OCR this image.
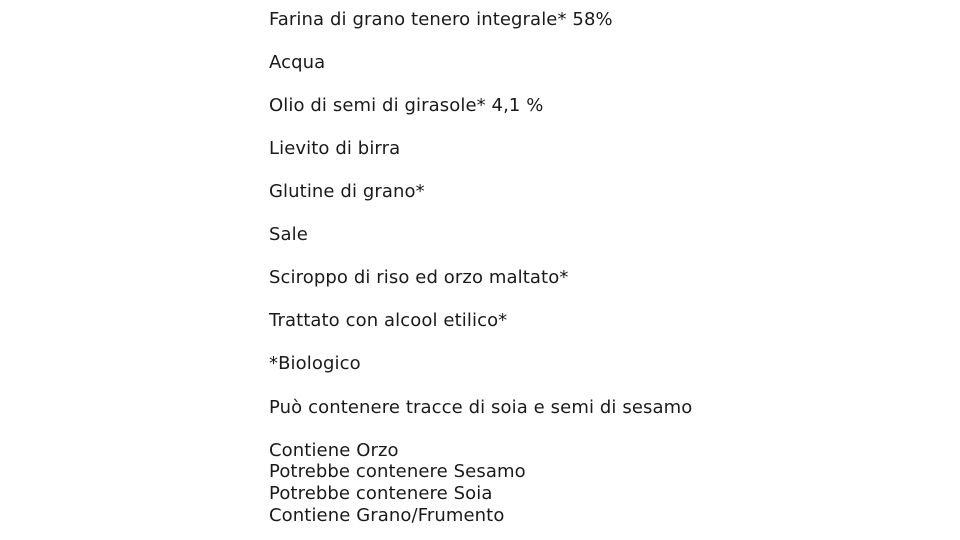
Farina di grano tenero integrale* 58%
Acqua
Olio di semi di girasole* 4,1 %
Lievito di birra
Glutine di grano*
Sale
Sciroppo di riso ed orzo maltato*
Trattato con alcool etilico*
*Biologico
Può contenere tracce di soia e semi di sesamo
Contiene Orzo
Potrebbe contenere Sesamo
Potrebbe contenere Soia
Contiene Grano/Frumento
